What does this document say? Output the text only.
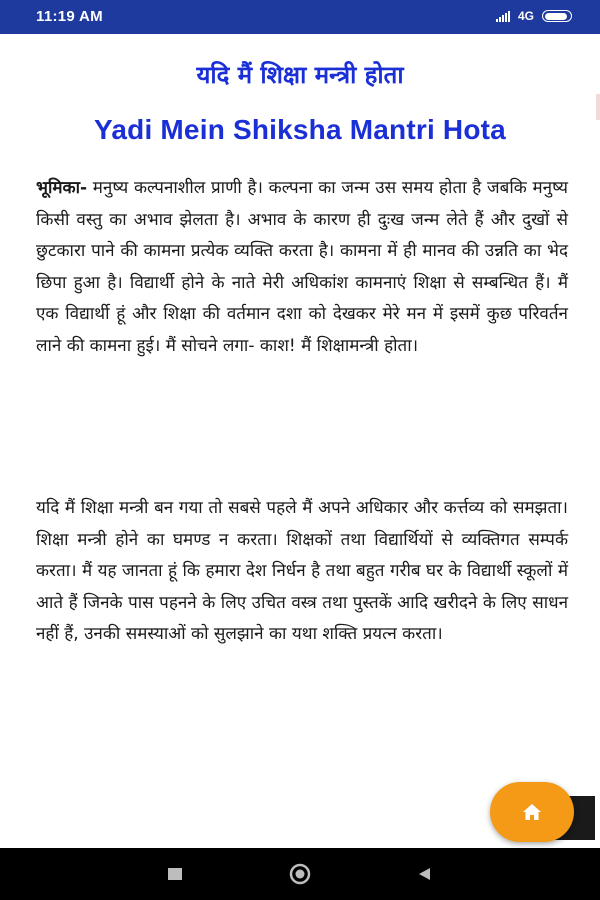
11:19 AM	4G
यदि मैं शिक्षा मन्त्री होता
Yadi Mein Shiksha Mantri Hota

भूमिका- मनुष्य कल्पनाशील प्राणी है। कल्पना का जन्म उस समय होता है जबकि मनुष्य किसी वस्तु का अभाव झेलता है। अभाव के कारण ही दुःख जन्म लेते हैं और दुखों से छुटकारा पाने की कामना प्रत्येक व्यक्ति करता है। कामना में ही मानव की उन्नति का भेद छिपा हुआ है। विद्यार्थी होने के नाते मेरी अधिकांश कामनाएं शिक्षा से सम्बन्धित हैं। मैं एक विद्यार्थी हूं और शिक्षा की वर्तमान दशा को देखकर मेरे मन में इसमें कुछ परिवर्तन लाने की कामना हुई। मैं सोचने लगा- काश! मैं शिक्षामन्त्री होता।

यदि मैं शिक्षा मन्त्री बन गया तो सबसे पहले मैं अपने अधिकार और कर्त्तव्य को समझता। शिक्षा मन्त्री होने का घमण्ड न करता। शिक्षकों तथा विद्यार्थियों से व्यक्तिगत सम्पर्क करता। मैं यह जानता हूं कि हमारा देश निर्धन है तथा बहुत गरीब घर के विद्यार्थी स्कूलों में आते हैं जिनके पास पहनने के लिए उचित वस्त्र तथा पुस्तकें आदि खरीदने के लिए साधन नहीं हैं, उनकी समस्याओं को सुलझाने का यथा शक्ति प्रयत्न करता।
